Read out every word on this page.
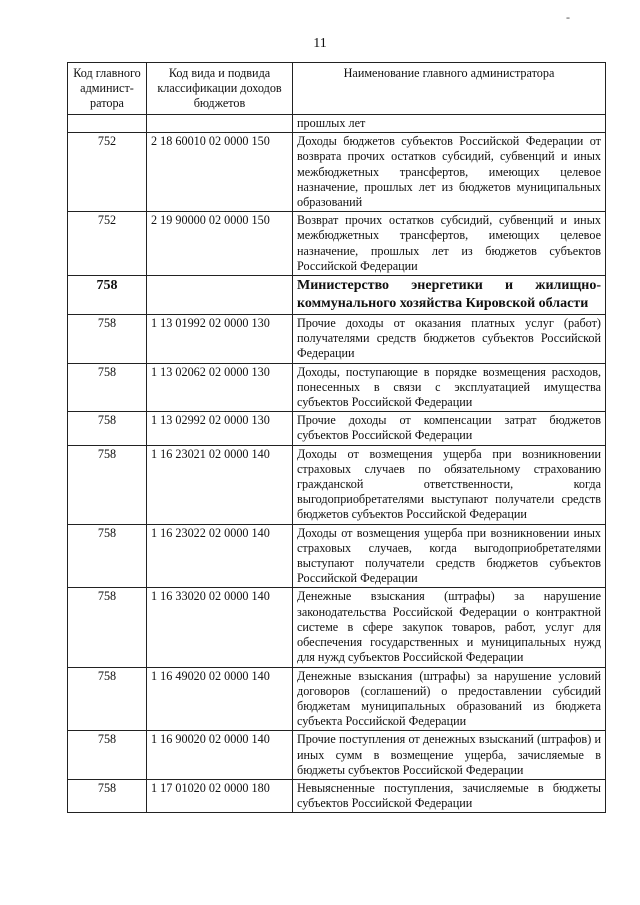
-
11
Код главного админист-ратора	Код вида и подвида классификации доходов бюджетов	Наименование главного администратора
		прошлых лет
752	2 18 60010 02 0000 150	Доходы бюджетов субъектов Российской Федерации от возврата прочих остатков субсидий, субвенций и иных межбюджетных трансфертов, имеющих целевое назначение, прошлых лет из бюджетов муниципальных образований
752	2 19 90000 02 0000 150	Возврат прочих остатков субсидий, субвенций и иных межбюджетных трансфертов, имеющих целевое назначение, прошлых лет из бюджетов субъектов Российской Федерации
758		Министерство энергетики и жилищно-коммунального хозяйства Кировской области
758	1 13 01992 02 0000 130	Прочие доходы от оказания платных услуг (работ) получателями средств бюджетов субъектов Российской Федерации
758	1 13 02062 02 0000 130	Доходы, поступающие в порядке возмещения расходов, понесенных в связи с эксплуатацией имущества субъектов Российской Федерации
758	1 13 02992 02 0000 130	Прочие доходы от компенсации затрат бюджетов субъектов Российской Федерации
758	1 16 23021 02 0000 140	Доходы от возмещения ущерба при возникновении страховых случаев по обязательному страхованию гражданской ответственности, когда выгодоприобретателями выступают получатели средств бюджетов субъектов Российской Федерации
758	1 16 23022 02 0000 140	Доходы от возмещения ущерба при возникновении иных страховых случаев, когда выгодоприобретателями выступают получатели средств бюджетов субъектов Российской Федерации
758	1 16 33020 02 0000 140	Денежные взыскания (штрафы) за нарушение законодательства Российской Федерации о контрактной системе в сфере закупок товаров, работ, услуг для обеспечения государственных и муниципальных нужд для нужд субъектов Российской Федерации
758	1 16 49020 02 0000 140	Денежные взыскания (штрафы) за нарушение условий договоров (соглашений) о предоставлении субсидий бюджетам муниципальных образований из бюджета субъекта Российской Федерации
758	1 16 90020 02 0000 140	Прочие поступления от денежных взысканий (штрафов) и иных сумм в возмещение ущерба, зачисляемые в бюджеты субъектов Российской Федерации
758	1 17 01020 02 0000 180	Невыясненные поступления, зачисляемые в бюджеты субъектов Российской Федерации
